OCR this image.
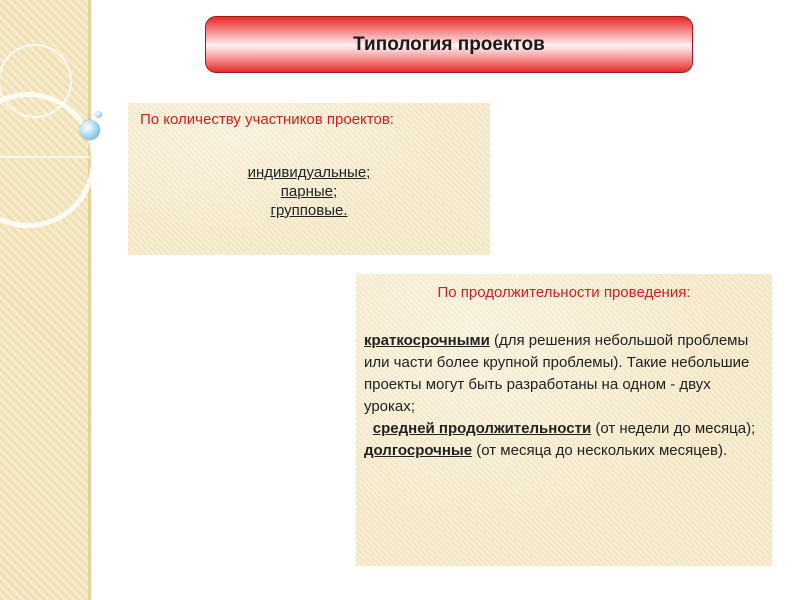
Типология проектов
По количеству участников проектов:
индивидуальные;
парные;
групповые.
По продолжительности проведения:
краткосрочными (для решения небольшой проблемы или части более крупной проблемы). Такие небольшие проекты могут быть разработаны на одном - двух уроках;
средней продолжительности (от недели до месяца);
долгосрочные (от месяца до нескольких месяцев).
